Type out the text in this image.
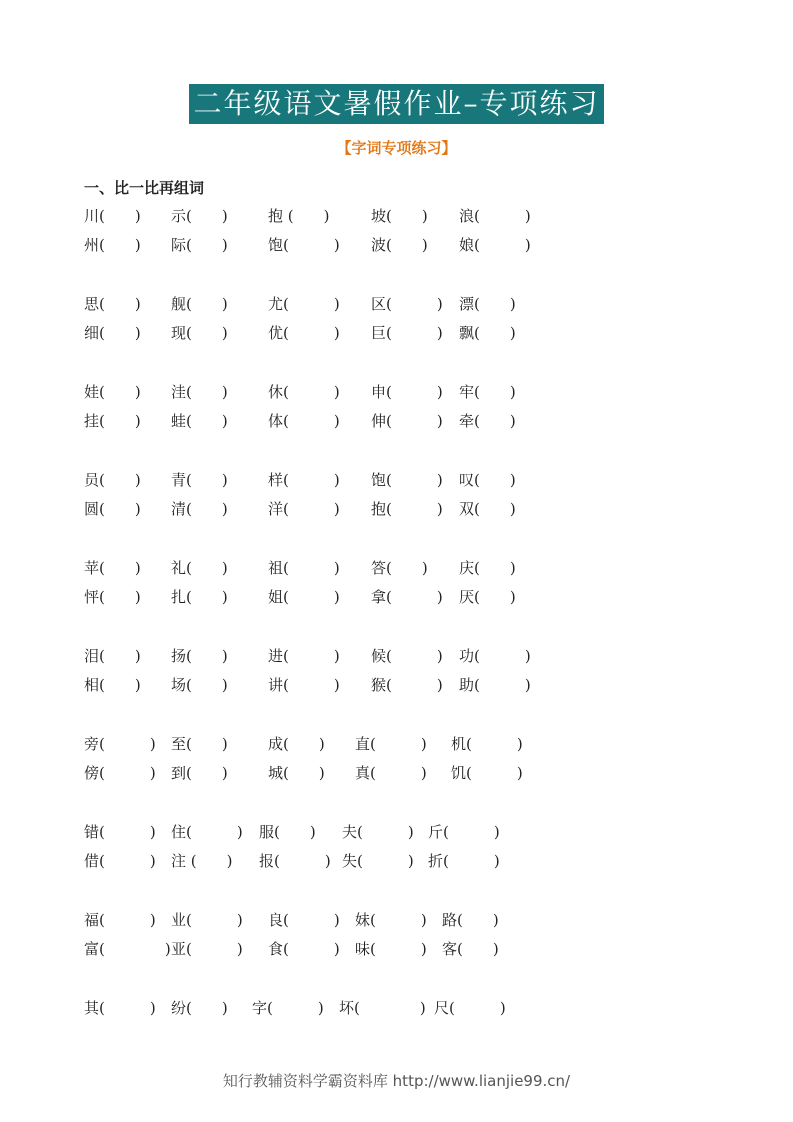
二年级语文暑假作业–专项练习
【字词专项练习】
一、比一比再组词
川(　　) 示(　　)	抱 (　　)	坡(　　) 浪(　　　)
州(　　) 际(　　)	饱(　　　) 波(　　) 娘(　　　)
思(　　) 舰(　　)	尤(　　　) 区(　　　) 漂(　　)
细(　　) 现(　　)	优(　　　) 巨(　　　) 飘(　　)
娃(　　) 洼(　　)	休(　　　) 申(　　　) 牢(　　)
挂(　　) 蛙(　　)	体(　　　) 伸(　　　) 牵(　　)
员(　　) 青(　　)	样(　　　) 饱(　　　) 叹(　　)
圆(　　) 清(　　)	洋(　　　) 抱(　　　) 双(　　)
苹(　　) 礼(　　)	祖(　　　) 答(　　) 庆(　　)
怦(　　) 扎(　　)	姐(　　　) 拿(　　　) 厌(　　)
泪(　　) 扬(　　)	进(　　　) 候(　　　) 功(　　　)
相(　　) 场(　　)	讲(　　　) 猴(　　　) 助(　　　)
旁(　　　) 至(　　)	成(　　) 直(　　　) 机(　　　)
傍(　　　) 到(　　)	城(　　) 真(　　　) 饥(　　　)
错(　　　) 住(　　　) 服(　　) 夫(　　　) 斤(　　　)
借(　　　) 注 (　　) 报(　　　) 失(　　　) 折(　　　)
福(　　　) 业(　　　) 良(　　　) 妹(　　　) 路(　　)
富(　　　　) 亚(　　　) 食(　　　) 味(　　　) 客(　　)
其(　　　) 纷(　　) 字(　　　) 坏(　　　　) 尺(　　　)
知行教辅资料学霸资料库 http://www.lianjie99.cn/
